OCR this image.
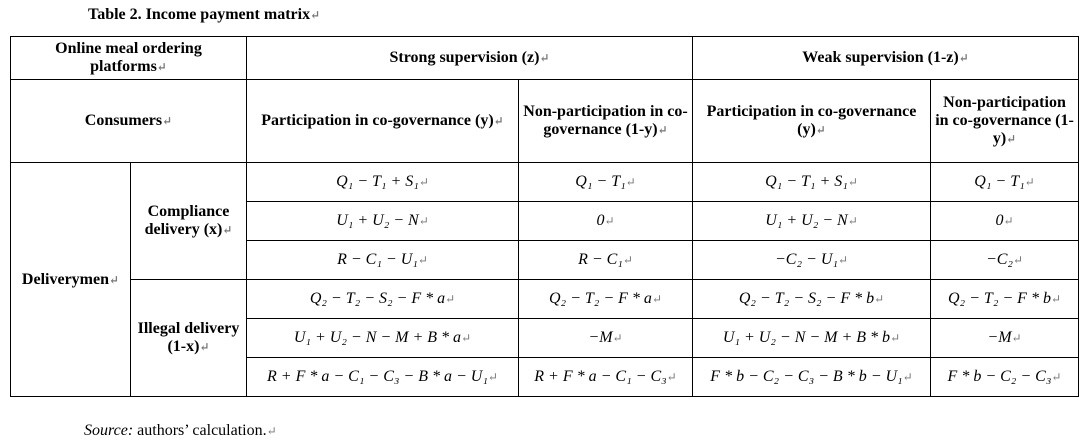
Table 2. Income payment matrix↵
Online meal ordering platforms↵		Strong supervision (z)↵		Weak supervision (1-z)↵	
Consumers↵		Participation in co-governance (y)↵	Non-participation in co-governance (1-y)↵	Participation in co-governance (y)↵	Non-participation in co-governance (1-y)↵
Deliverymen↵	Compliance delivery (x)↵	Q₁ − T₁ + S₁↵	Q₁ − T₁↵	Q₁ − T₁ + S₁↵	Q₁ − T₁↵
		U₁ + U₂ − N↵	0↵	U₁ + U₂ − N↵	0↵
		R − C₁ − U₁↵	R − C₁↵	−C₂ − U₁↵	−C₂↵
	Illegal delivery (1-x)↵	Q₂ − T₂ − S₂ − F * a↵	Q₂ − T₂ − F * a↵	Q₂ − T₂ − S₂ − F * b↵	Q₂ − T₂ − F * b↵
		U₁ + U₂ − N − M + B * a↵	−M↵	U₁ + U₂ − N − M + B * b↵	−M↵
		R + F * a − C₁ − C₃ − B * a − U₁↵	R + F * a − C₁ − C₃↵	F * b − C₂ − C₃ − B * b − U₁↵	F * b − C₂ − C₃↵
Source: authors’ calculation.↵
